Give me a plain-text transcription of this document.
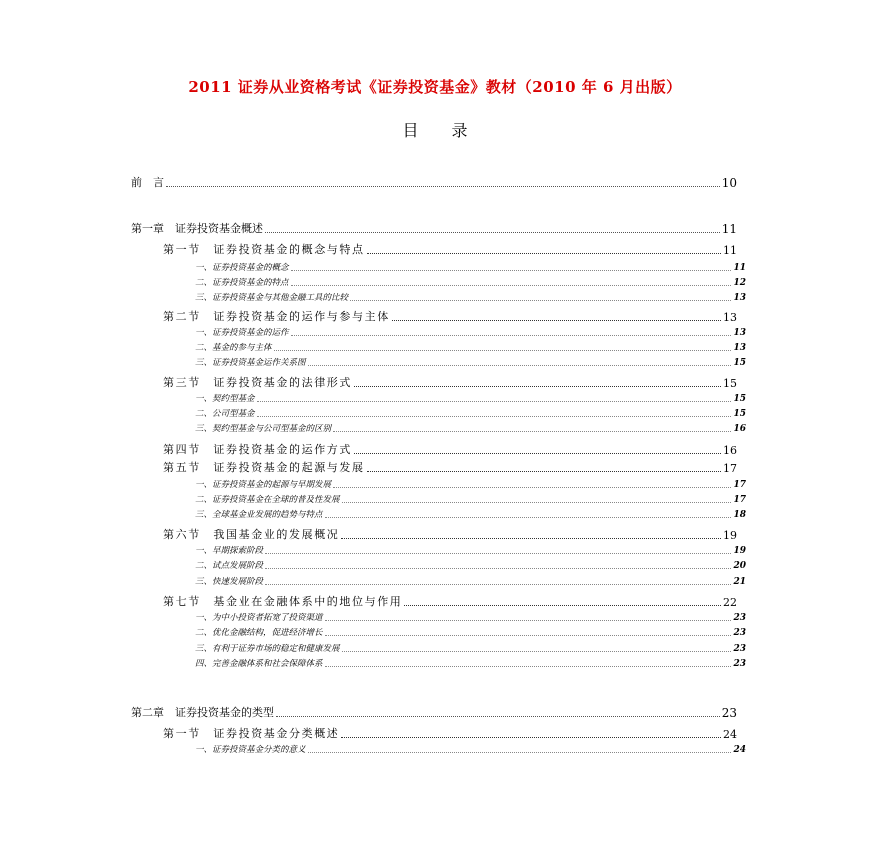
2011 证券从业资格考试《证券投资基金》教材（2010 年 6 月出版）
目 录
前　言	10
第一章　证券投资基金概述	11
第一节　证券投资基金的概念与特点	11
一、证券投资基金的概念	11
二、证券投资基金的特点	12
三、证券投资基金与其他金融工具的比较	13
第二节　证券投资基金的运作与参与主体	13
一、证券投资基金的运作	13
二、基金的参与主体	13
三、证券投资基金运作关系图	15
第三节　证券投资基金的法律形式	15
一、契约型基金	15
二、公司型基金	15
三、契约型基金与公司型基金的区别	16
第四节　证券投资基金的运作方式	16
第五节　证券投资基金的起源与发展	17
一、证券投资基金的起源与早期发展	17
二、证券投资基金在全球的普及性发展	17
三、全球基金业发展的趋势与特点	18
第六节　我国基金业的发展概况	19
一、早期探索阶段	19
二、试点发展阶段	20
三、快速发展阶段	21
第七节　基金业在金融体系中的地位与作用	22
一、为中小投资者拓宽了投资渠道	23
二、优化金融结构，促进经济增长	23
三、有利于证券市场的稳定和健康发展	23
四、完善金融体系和社会保障体系	23
第二章　证券投资基金的类型	23
第一节　证券投资基金分类概述	24
一、证券投资基金分类的意义	24
